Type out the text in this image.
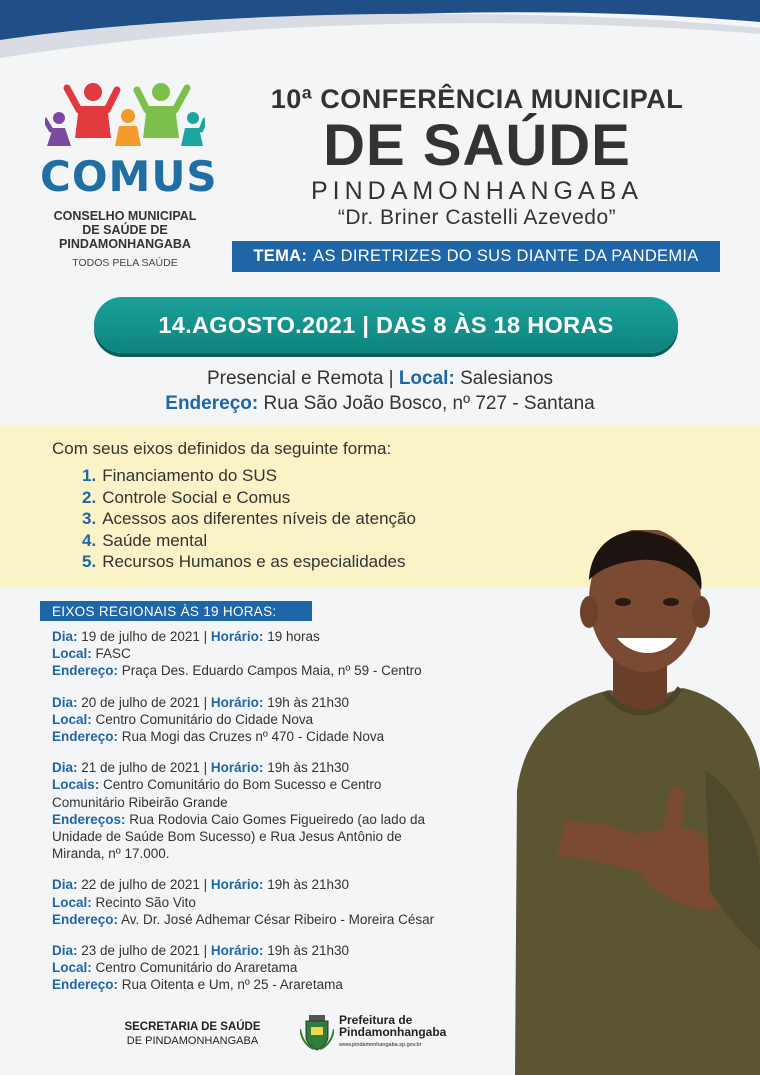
COMUS
CONSELHO MUNICIPAL
DE SAÚDE DE
PINDAMONHANGABA
TODOS PELA SAÚDE
10ª CONFERÊNCIA MUNICIPAL
DE SAÚDE
PINDAMONHANGABA
“Dr. Briner Castelli Azevedo”
TEMA: AS DIRETRIZES DO SUS DIANTE DA PANDEMIA
14.AGOSTO.2021 | DAS 8 ÀS 18 HORAS
Presencial e Remota | Local: Salesianos
Endereço: Rua São João Bosco, nº 727 - Santana
Com seus eixos definidos da seguinte forma:
1. Financiamento do SUS
2. Controle Social e Comus
3. Acessos aos diferentes níveis de atenção
4. Saúde mental
5. Recursos Humanos e as especialidades
EIXOS REGIONAIS ÀS 19 HORAS:

Dia: 19 de julho de 2021 | Horário: 19 horas

Local: FASC

Endereço: Praça Des. Eduardo Campos Maia, nº 59 - Centro

Dia: 20 de julho de 2021 | Horário: 19h às 21h30

Local: Centro Comunitário do Cidade Nova

Endereço: Rua Mogi das Cruzes nº 470 - Cidade Nova

Dia: 21 de julho de 2021 | Horário: 19h às 21h30

Locais: Centro Comunitário do Bom Sucesso e Centro Comunitário Ribeirão Grande

Endereços: Rua Rodovia Caio Gomes Figueiredo (ao lado da Unidade de Saúde Bom Sucesso) e Rua Jesus Antônio de Miranda, nº 17.000.

Dia: 22 de julho de 2021 | Horário: 19h às 21h30

Local: Recinto São Vito

Endereço: Av. Dr. José Adhemar César Ribeiro - Moreira César

Dia: 23 de julho de 2021 | Horário: 19h às 21h30

Local: Centro Comunitário do Araretama

Endereço: Rua Oitenta e Um, nº 25 - Araretama

SECRETARIA DE SAÚDE
DE PINDAMONHANGABA
Prefeitura de
Pindamonhangaba
www.pindamonhangaba.sp.gov.br
